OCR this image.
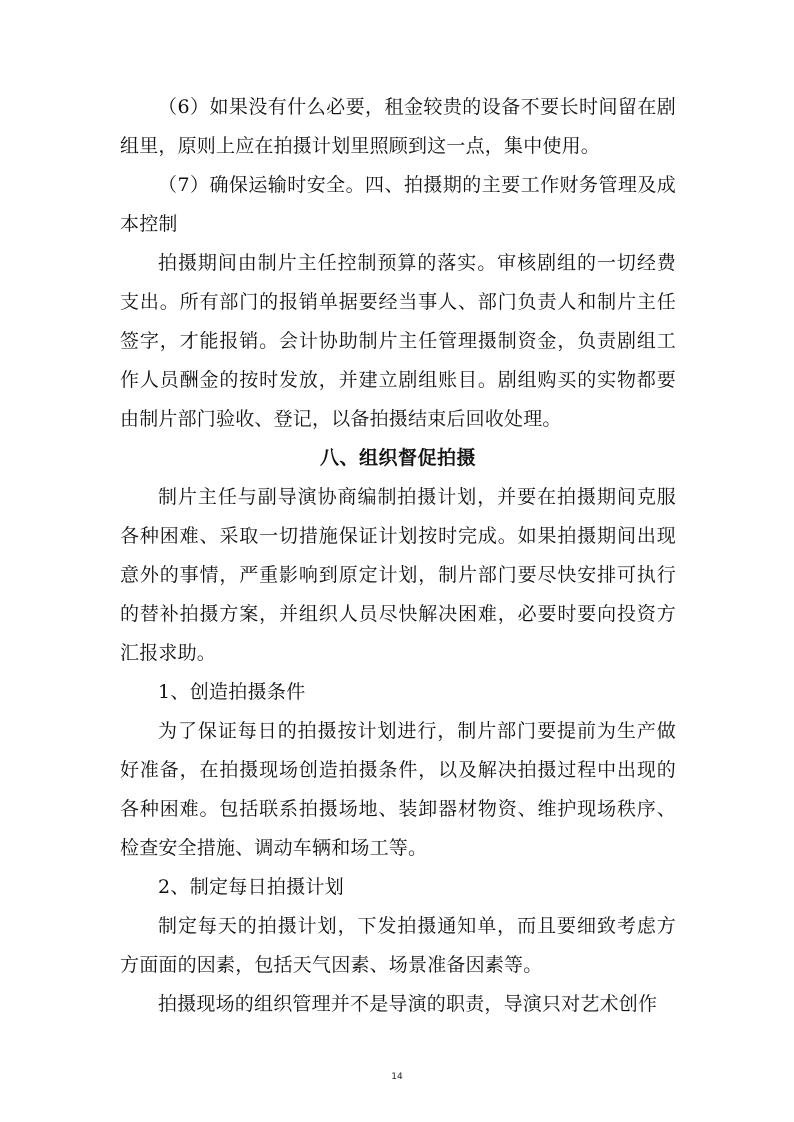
（6）如果没有什么必要，租金较贵的设备不要长时间留在剧组里，原则上应在拍摄计划里照顾到这一点，集中使用。

（7）确保运输时安全。四、拍摄期的主要工作财务管理及成本控制

拍摄期间由制片主任控制预算的落实。审核剧组的一切经费支出。所有部门的报销单据要经当事人、部门负责人和制片主任签字，才能报销。会计协助制片主任管理摄制资金，负责剧组工作人员酬金的按时发放，并建立剧组账目。剧组购买的实物都要由制片部门验收、登记，以备拍摄结束后回收处理。

八、组织督促拍摄

制片主任与副导演协商编制拍摄计划，并要在拍摄期间克服各种困难、采取一切措施保证计划按时完成。如果拍摄期间出现意外的事情，严重影响到原定计划，制片部门要尽快安排可执行的替补拍摄方案，并组织人员尽快解决困难，必要时要向投资方汇报求助。

1、创造拍摄条件

为了保证每日的拍摄按计划进行，制片部门要提前为生产做好准备，在拍摄现场创造拍摄条件，以及解决拍摄过程中出现的各种困难。包括联系拍摄场地、装卸器材物资、维护现场秩序、检查安全措施、调动车辆和场工等。

2、制定每日拍摄计划

制定每天的拍摄计划，下发拍摄通知单，而且要细致考虑方方面面的因素，包括天气因素、场景准备因素等。

拍摄现场的组织管理并不是导演的职责，导演只对艺术创作

14
